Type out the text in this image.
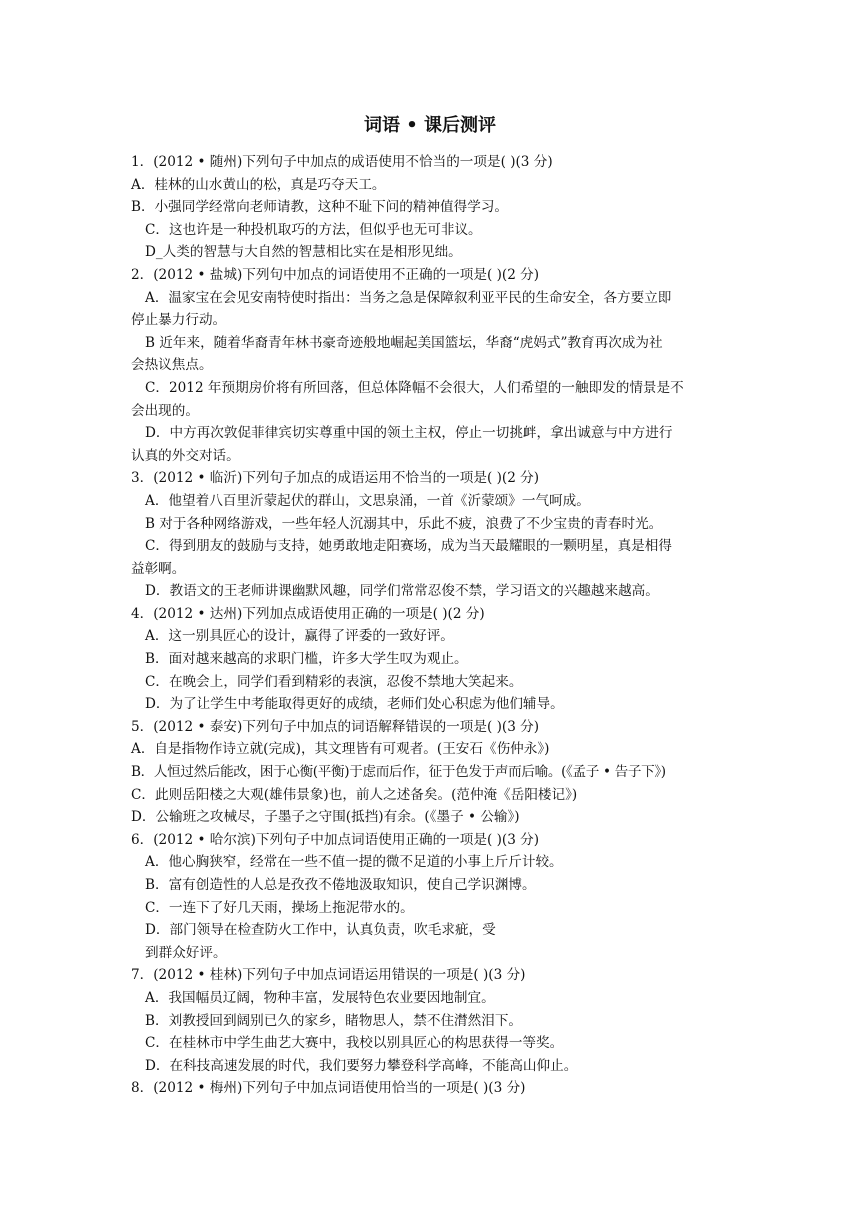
词语 • 课后测评
1．(2012 • 随州)下列句子中加点的成语使用不恰当的一项是( )(3 分)
A．桂林的山水黄山的松，真是巧夺天工。
B．小强同学经常向老师请教，这种不耻下问的精神值得学习。
C．这也许是一种投机取巧的方法，但似乎也无可非议。
D_人类的智慧与大自然的智慧相比实在是相形见绌。
2．(2012 • 盐城)下列句中加点的词语使用不正确的一项是( )(2 分)
A．温家宝在会见安南特使时指出：当务之急是保障叙利亚平民的生命安全，各方要立即
停止暴力行动。
B 近年来，随着华裔青年林书豪奇迹般地崛起美国篮坛，华裔“虎妈式”教育再次成为社
会热议焦点。
C．2012 年预期房价将有所回落，但总体降幅不会很大，人们希望的一触即发的情景是不
会出现的。
D．中方再次敦促菲律宾切实尊重中国的领土主权，停止一切挑衅，拿出诚意与中方进行
认真的外交对话。
3．(2012 • 临沂)下列句子加点的成语运用不恰当的一项是( )(2 分)
A．他望着八百里沂蒙起伏的群山，文思泉涌，一首《沂蒙颂》一气呵成。
B 对于各种网络游戏，一些年轻人沉溺其中，乐此不疲，浪费了不少宝贵的青春时光。
C．得到朋友的鼓励与支持，她勇敢地走阳赛场，成为当天最耀眼的一颗明星，真是相得
益彰啊。
D．教语文的王老师讲课幽默风趣，同学们常常忍俊不禁，学习语文的兴趣越来越高。
4．(2012 • 达州)下列加点成语使用正确的一项是( )(2 分)
A．这一别具匠心的设计，赢得了评委的一致好评。
B．面对越来越高的求职门槛，许多大学生叹为观止。
C．在晚会上，同学们看到精彩的表演，忍俊不禁地大笑起来。
D．为了让学生中考能取得更好的成绩，老师们处心积虑为他们辅导。
5．(2012 • 泰安)下列句子中加点的词语解释错误的一项是( )(3 分)
A．自是指物作诗立就(完成)，其文理皆有可观者。(王安石《伤仲永》)
B．人恒过然后能改，困于心衡(平衡)于虑而后作，征于色发于声而后喻。(《孟子 • 告子下》)
C．此则岳阳楼之大观(雄伟景象)也，前人之述备矣。(范仲淹《岳阳楼记》)
D．公输班之攻械尽，子墨子之守围(抵挡)有余。(《墨子 • 公输》)
6．(2012 • 哈尔滨)下列句子中加点词语使用正确的一项是( )(3 分)
A．他心胸狭窄，经常在一些不值一提的微不足道的小事上斤斤计较。
B．富有创造性的人总是孜孜不倦地汲取知识，使自己学识渊博。
C．一连下了好几天雨，操场上拖泥带水的。
D．部门领导在检查防火工作中，认真负责，吹毛求疵，受
到群众好评。
7．(2012 • 桂林)下列句子中加点词语运用错误的一项是( )(3 分)
A．我国幅员辽阔，物种丰富，发展特色农业要因地制宜。
B．刘教授回到阔别已久的家乡，睹物思人，禁不住潸然泪下。
C．在桂林市中学生曲艺大赛中，我校以别具匠心的构思获得一等奖。
D．在科技高速发展的时代，我们要努力攀登科学高峰，不能高山仰止。
8．(2012 • 梅州)下列句子中加点词语使用恰当的一项是( )(3 分)
